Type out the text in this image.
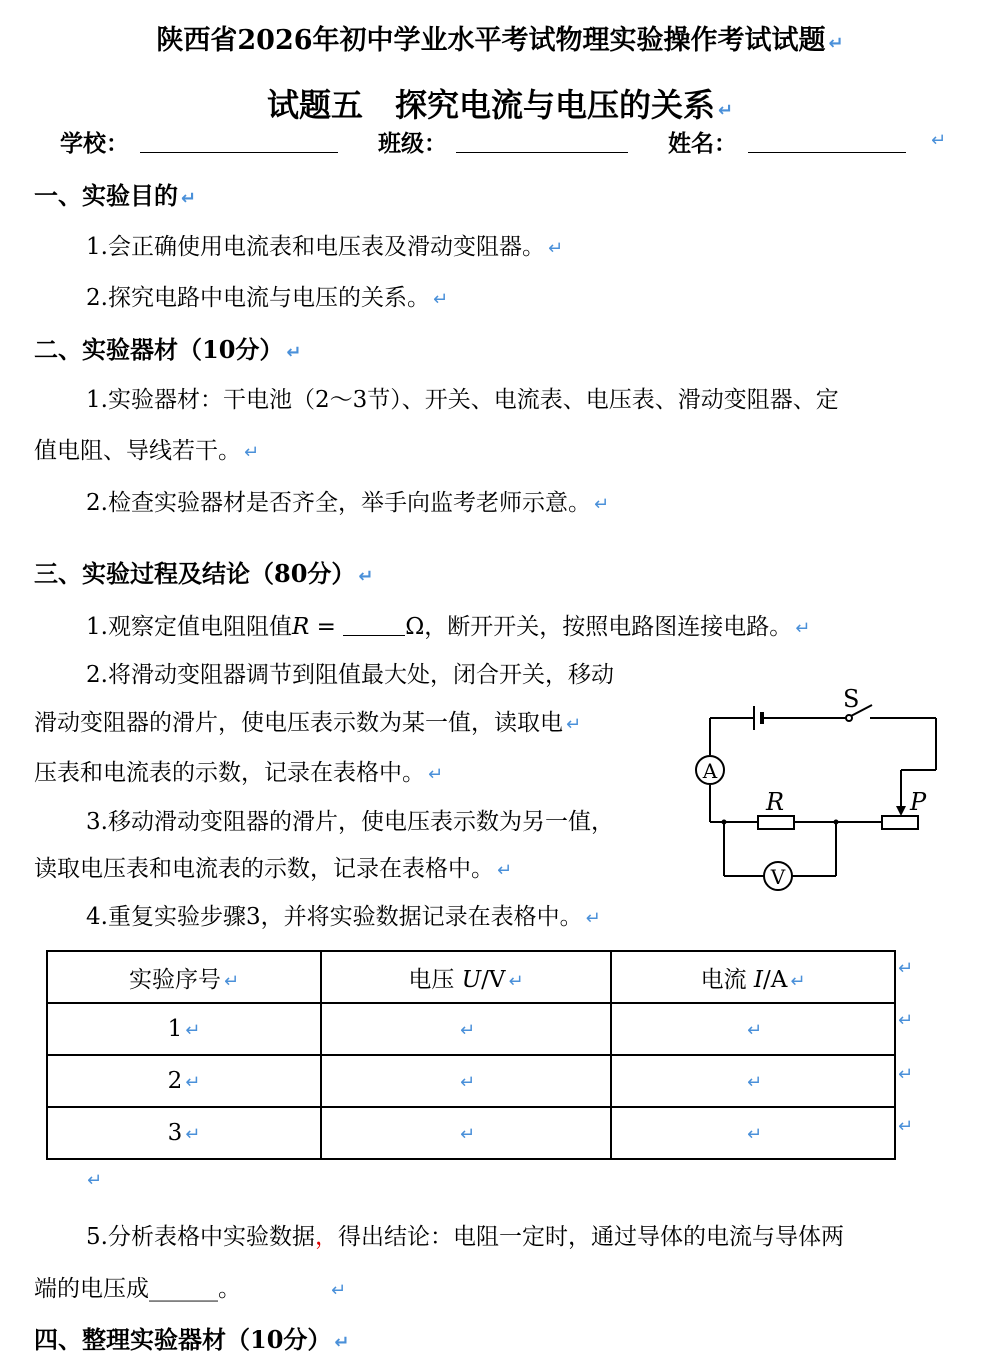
陕西省2026年初中学业水平考试物理实验操作考试试题 ↵
试题五　探究电流与电压的关系 ↵
学校：	班级：	姓名：	↵
一、实验目的 ↵
1.会正确使用电流表和电压表及滑动变阻器。 ↵
2.探究电路中电流与电压的关系。 ↵
二、实验器材（10分） ↵
1.实验器材：干电池（2～3节）、开关、电流表、电压表、滑动变阻器、定
值电阻、导线若干。 ↵
2.检查实验器材是否齐全，举手向监考老师示意。 ↵
三、实验过程及结论（80分） ↵
1.观察定值电阻阻值R =	Ω，断开开关，按照电路图连接电路。 ↵
2.将滑动变阻器调节到阻值最大处，闭合开关，移动
滑动变阻器的滑片，使电压表示数为某一值，读取电 ↵
压表和电流表的示数，记录在表格中。 ↵
3.移动滑动变阻器的滑片，使电压表示数为另一值，
读取电压表和电流表的示数，记录在表格中。 ↵
4.重复实验步骤3，并将实验数据记录在表格中。 ↵
S
A
V
R	P
实验序号 ↵	电压 U/V ↵	电流 I/A ↵
1 ↵	↵	↵
2 ↵	↵	↵
3 ↵	↵	↵
↵
↵
↵
↵
↵
5.分析表格中实验数据，得出结论：电阻一定时，通过导体的电流与导体两
端的电压成______。	↵
四、整理实验器材（10分） ↵
